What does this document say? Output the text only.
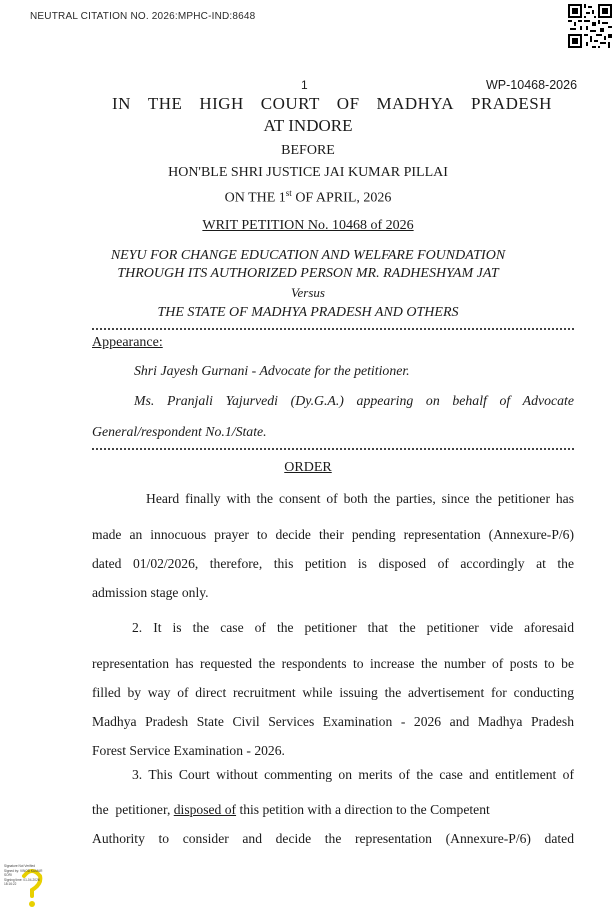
NEUTRAL CITATION NO. 2026:MPHC-IND:8648
1	WP-10468-2026
IN THE HIGH COURT OF MADHYA PRADESH
AT INDORE
BEFORE
HON'BLE SHRI JUSTICE JAI KUMAR PILLAI
ON THE 1st OF APRIL, 2026
WRIT PETITION No. 10468 of 2026
NEYU FOR CHANGE EDUCATION AND WELFARE FOUNDATION
THROUGH ITS AUTHORIZED PERSON MR. RADHESHYAM JAT
Versus
THE STATE OF MADHYA PRADESH AND OTHERS
Appearance:
Shri Jayesh Gurnani - Advocate for the petitioner.
Ms. Pranjali Yajurvedi (Dy.G.A.) appearing on behalf of Advocate
General/respondent No.1/State.
ORDER
Heard finally with the consent of both the parties, since the petitioner has
made an innocuous prayer to decide their pending representation (Annexure-P/6)
dated 01/02/2026, therefore, this petition is disposed of accordingly at the
admission stage only.
2. It is the case of the petitioner that the petitioner vide aforesaid
representation has requested the respondents to increase the number of posts to be
filled by way of direct recruitment while issuing the advertisement for conducting
Madhya Pradesh State Civil Services Examination - 2026 and Madhya Pradesh
Forest Service Examination - 2026.
3. This Court without commenting on merits of the case and entitlement of
the  petitioner, disposed of this petition with a direction to the Competent
Authority to consider and decide the representation (Annexure-P/6) dated
Signature Not Verified
Signed by: VINOD KUMAR
SORI
Signing time: 01-04-2026
18:16:22
